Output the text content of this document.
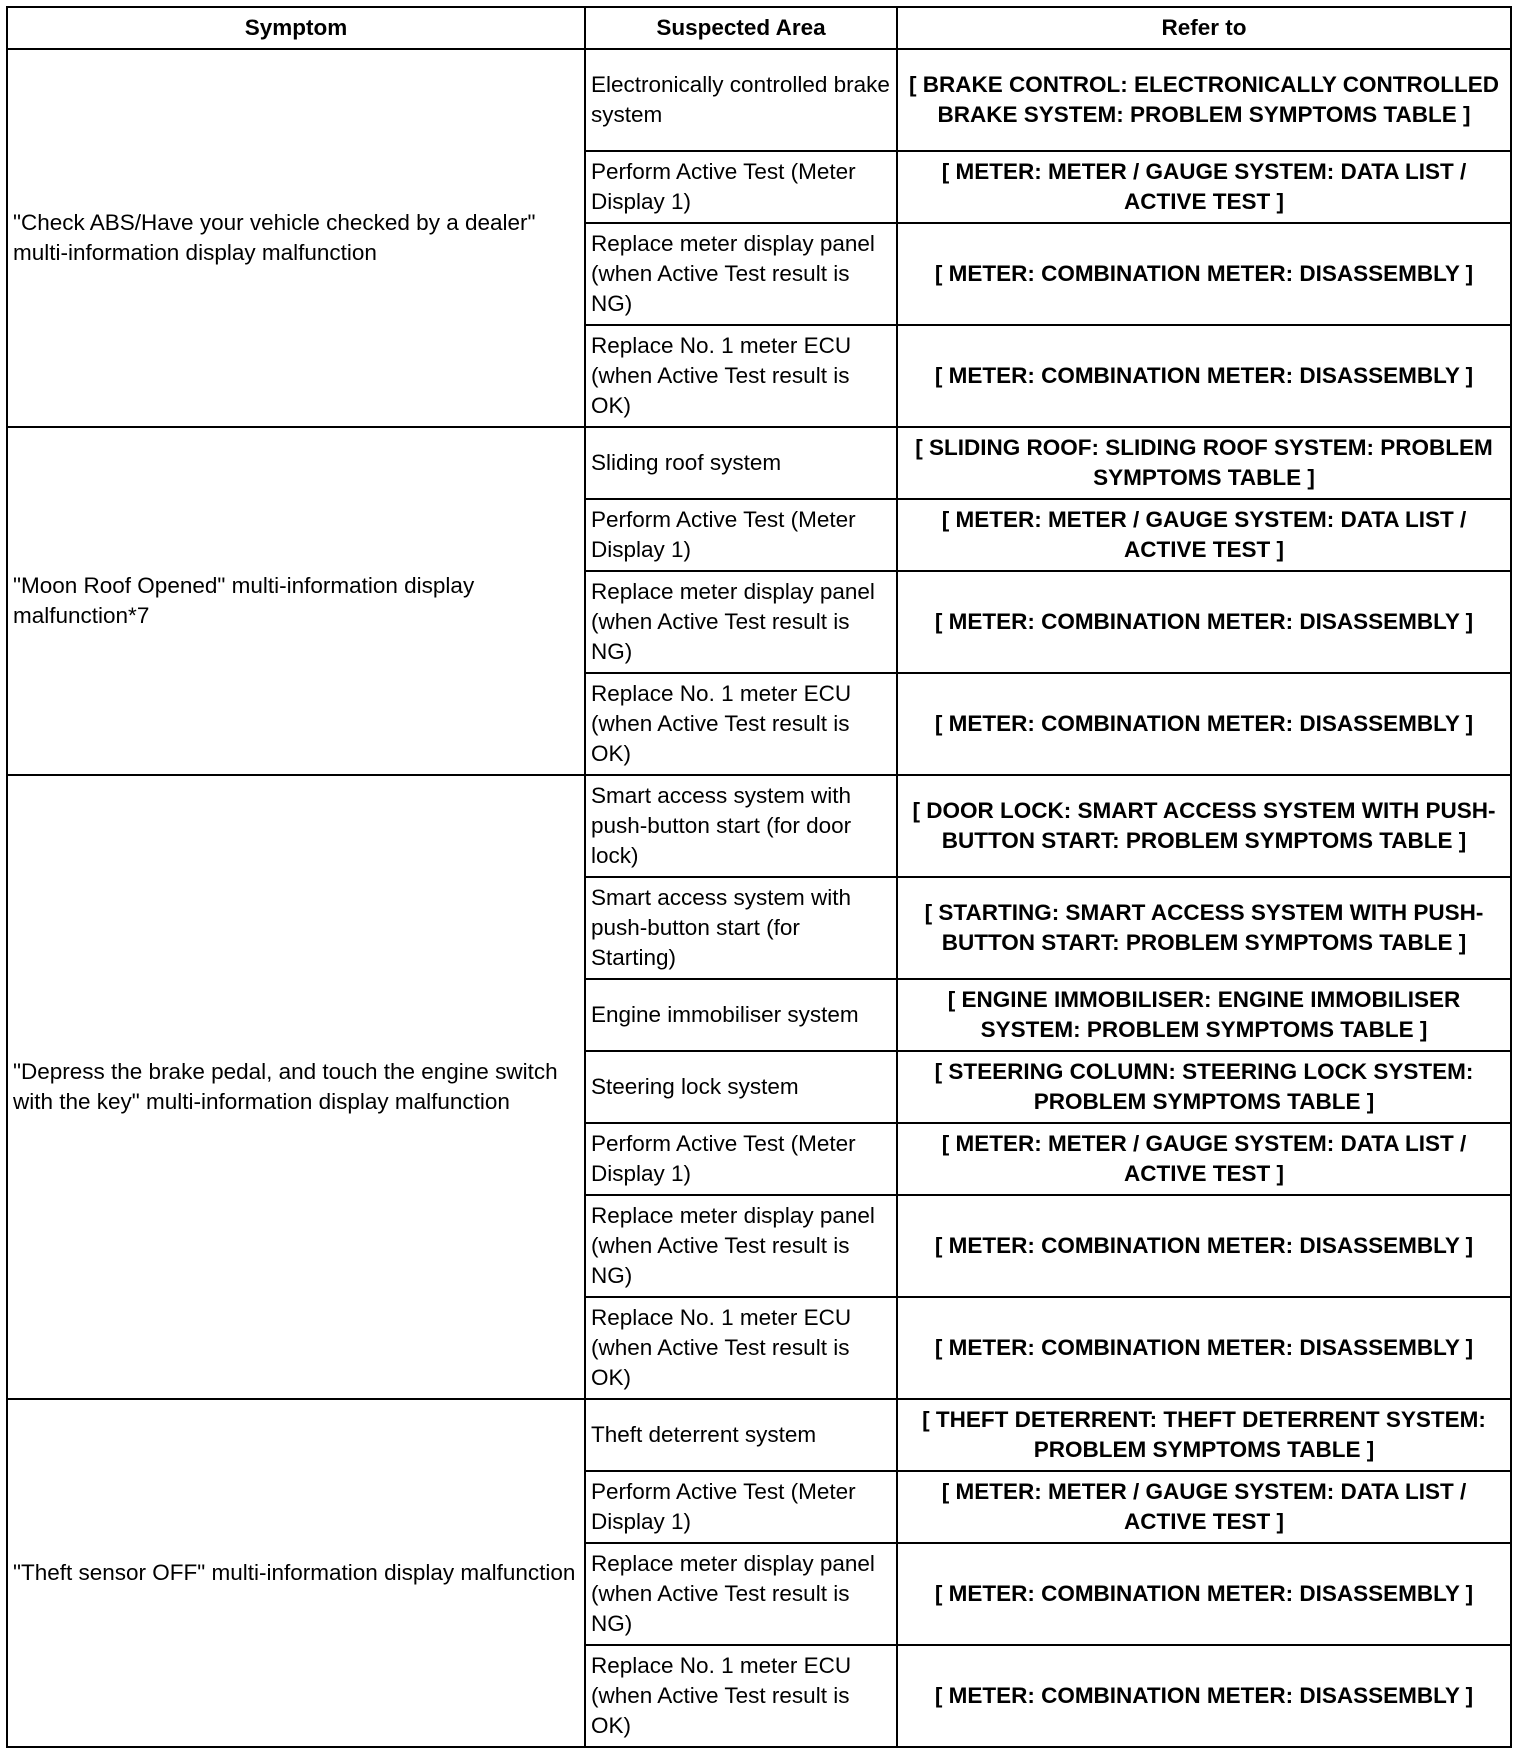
Symptom	Suspected Area	Refer to
"Check ABS/Have your vehicle checked by a dealer" multi-information display malfunction	Electronically controlled brake system	[ BRAKE CONTROL: ELECTRONICALLY CONTROLLED BRAKE SYSTEM: PROBLEM SYMPTOMS TABLE ]
	Perform Active Test (Meter Display 1)	[ METER: METER / GAUGE SYSTEM: DATA LIST / ACTIVE TEST ]
	Replace meter display panel (when Active Test result is NG)	[ METER: COMBINATION METER: DISASSEMBLY ]
	Replace No. 1 meter ECU (when Active Test result is OK)	[ METER: COMBINATION METER: DISASSEMBLY ]
"Moon Roof Opened" multi-information display malfunction*7	Sliding roof system	[ SLIDING ROOF: SLIDING ROOF SYSTEM: PROBLEM SYMPTOMS TABLE ]
	Perform Active Test (Meter Display 1)	[ METER: METER / GAUGE SYSTEM: DATA LIST / ACTIVE TEST ]
	Replace meter display panel (when Active Test result is NG)	[ METER: COMBINATION METER: DISASSEMBLY ]
	Replace No. 1 meter ECU (when Active Test result is OK)	[ METER: COMBINATION METER: DISASSEMBLY ]
"Depress the brake pedal, and touch the engine switch with the key" multi-information display malfunction	Smart access system with push-button start (for door lock)	[ DOOR LOCK: SMART ACCESS SYSTEM WITH PUSH-BUTTON START: PROBLEM SYMPTOMS TABLE ]
	Smart access system with push-button start (for Starting)	[ STARTING: SMART ACCESS SYSTEM WITH PUSH-BUTTON START: PROBLEM SYMPTOMS TABLE ]
	Engine immobiliser system	[ ENGINE IMMOBILISER: ENGINE IMMOBILISER SYSTEM: PROBLEM SYMPTOMS TABLE ]
	Steering lock system	[ STEERING COLUMN: STEERING LOCK SYSTEM: PROBLEM SYMPTOMS TABLE ]
	Perform Active Test (Meter Display 1)	[ METER: METER / GAUGE SYSTEM: DATA LIST / ACTIVE TEST ]
	Replace meter display panel (when Active Test result is NG)	[ METER: COMBINATION METER: DISASSEMBLY ]
	Replace No. 1 meter ECU (when Active Test result is OK)	[ METER: COMBINATION METER: DISASSEMBLY ]
"Theft sensor OFF" multi-information display malfunction	Theft deterrent system	[ THEFT DETERRENT: THEFT DETERRENT SYSTEM: PROBLEM SYMPTOMS TABLE ]
	Perform Active Test (Meter Display 1)	[ METER: METER / GAUGE SYSTEM: DATA LIST / ACTIVE TEST ]
	Replace meter display panel (when Active Test result is NG)	[ METER: COMBINATION METER: DISASSEMBLY ]
	Replace No. 1 meter ECU (when Active Test result is OK)	[ METER: COMBINATION METER: DISASSEMBLY ]
